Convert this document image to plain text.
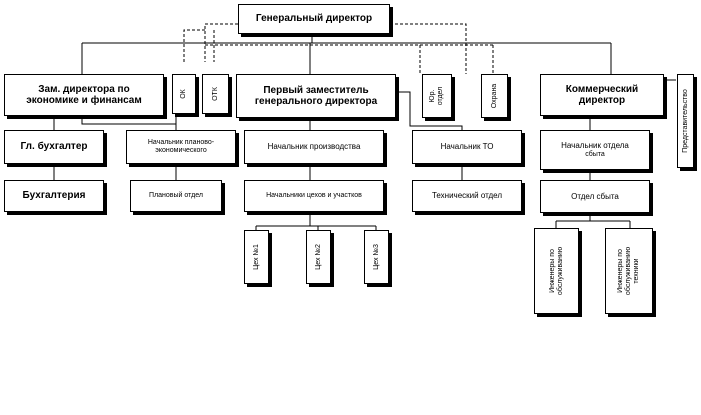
Генеральный директор
Зам. директора по
экономике и финансам
ОК	ОТК	Первый заместитель
генерального директора	Юр. отдел	Охрана	Коммерческий
директор	Представительство
Гл. бухгалтер	Начальник планово-
экономического	Начальник производства	Начальник ТО	Начальник отдела
сбыта
Бухгалтерия	Плановый отдел	Начальники цехов и участков	Технический отдел	Отдел сбыта
Цех №1	Цех №2	Цех №3	Инженеры по обслуживанию	Инженеры по обслуживанию техники
